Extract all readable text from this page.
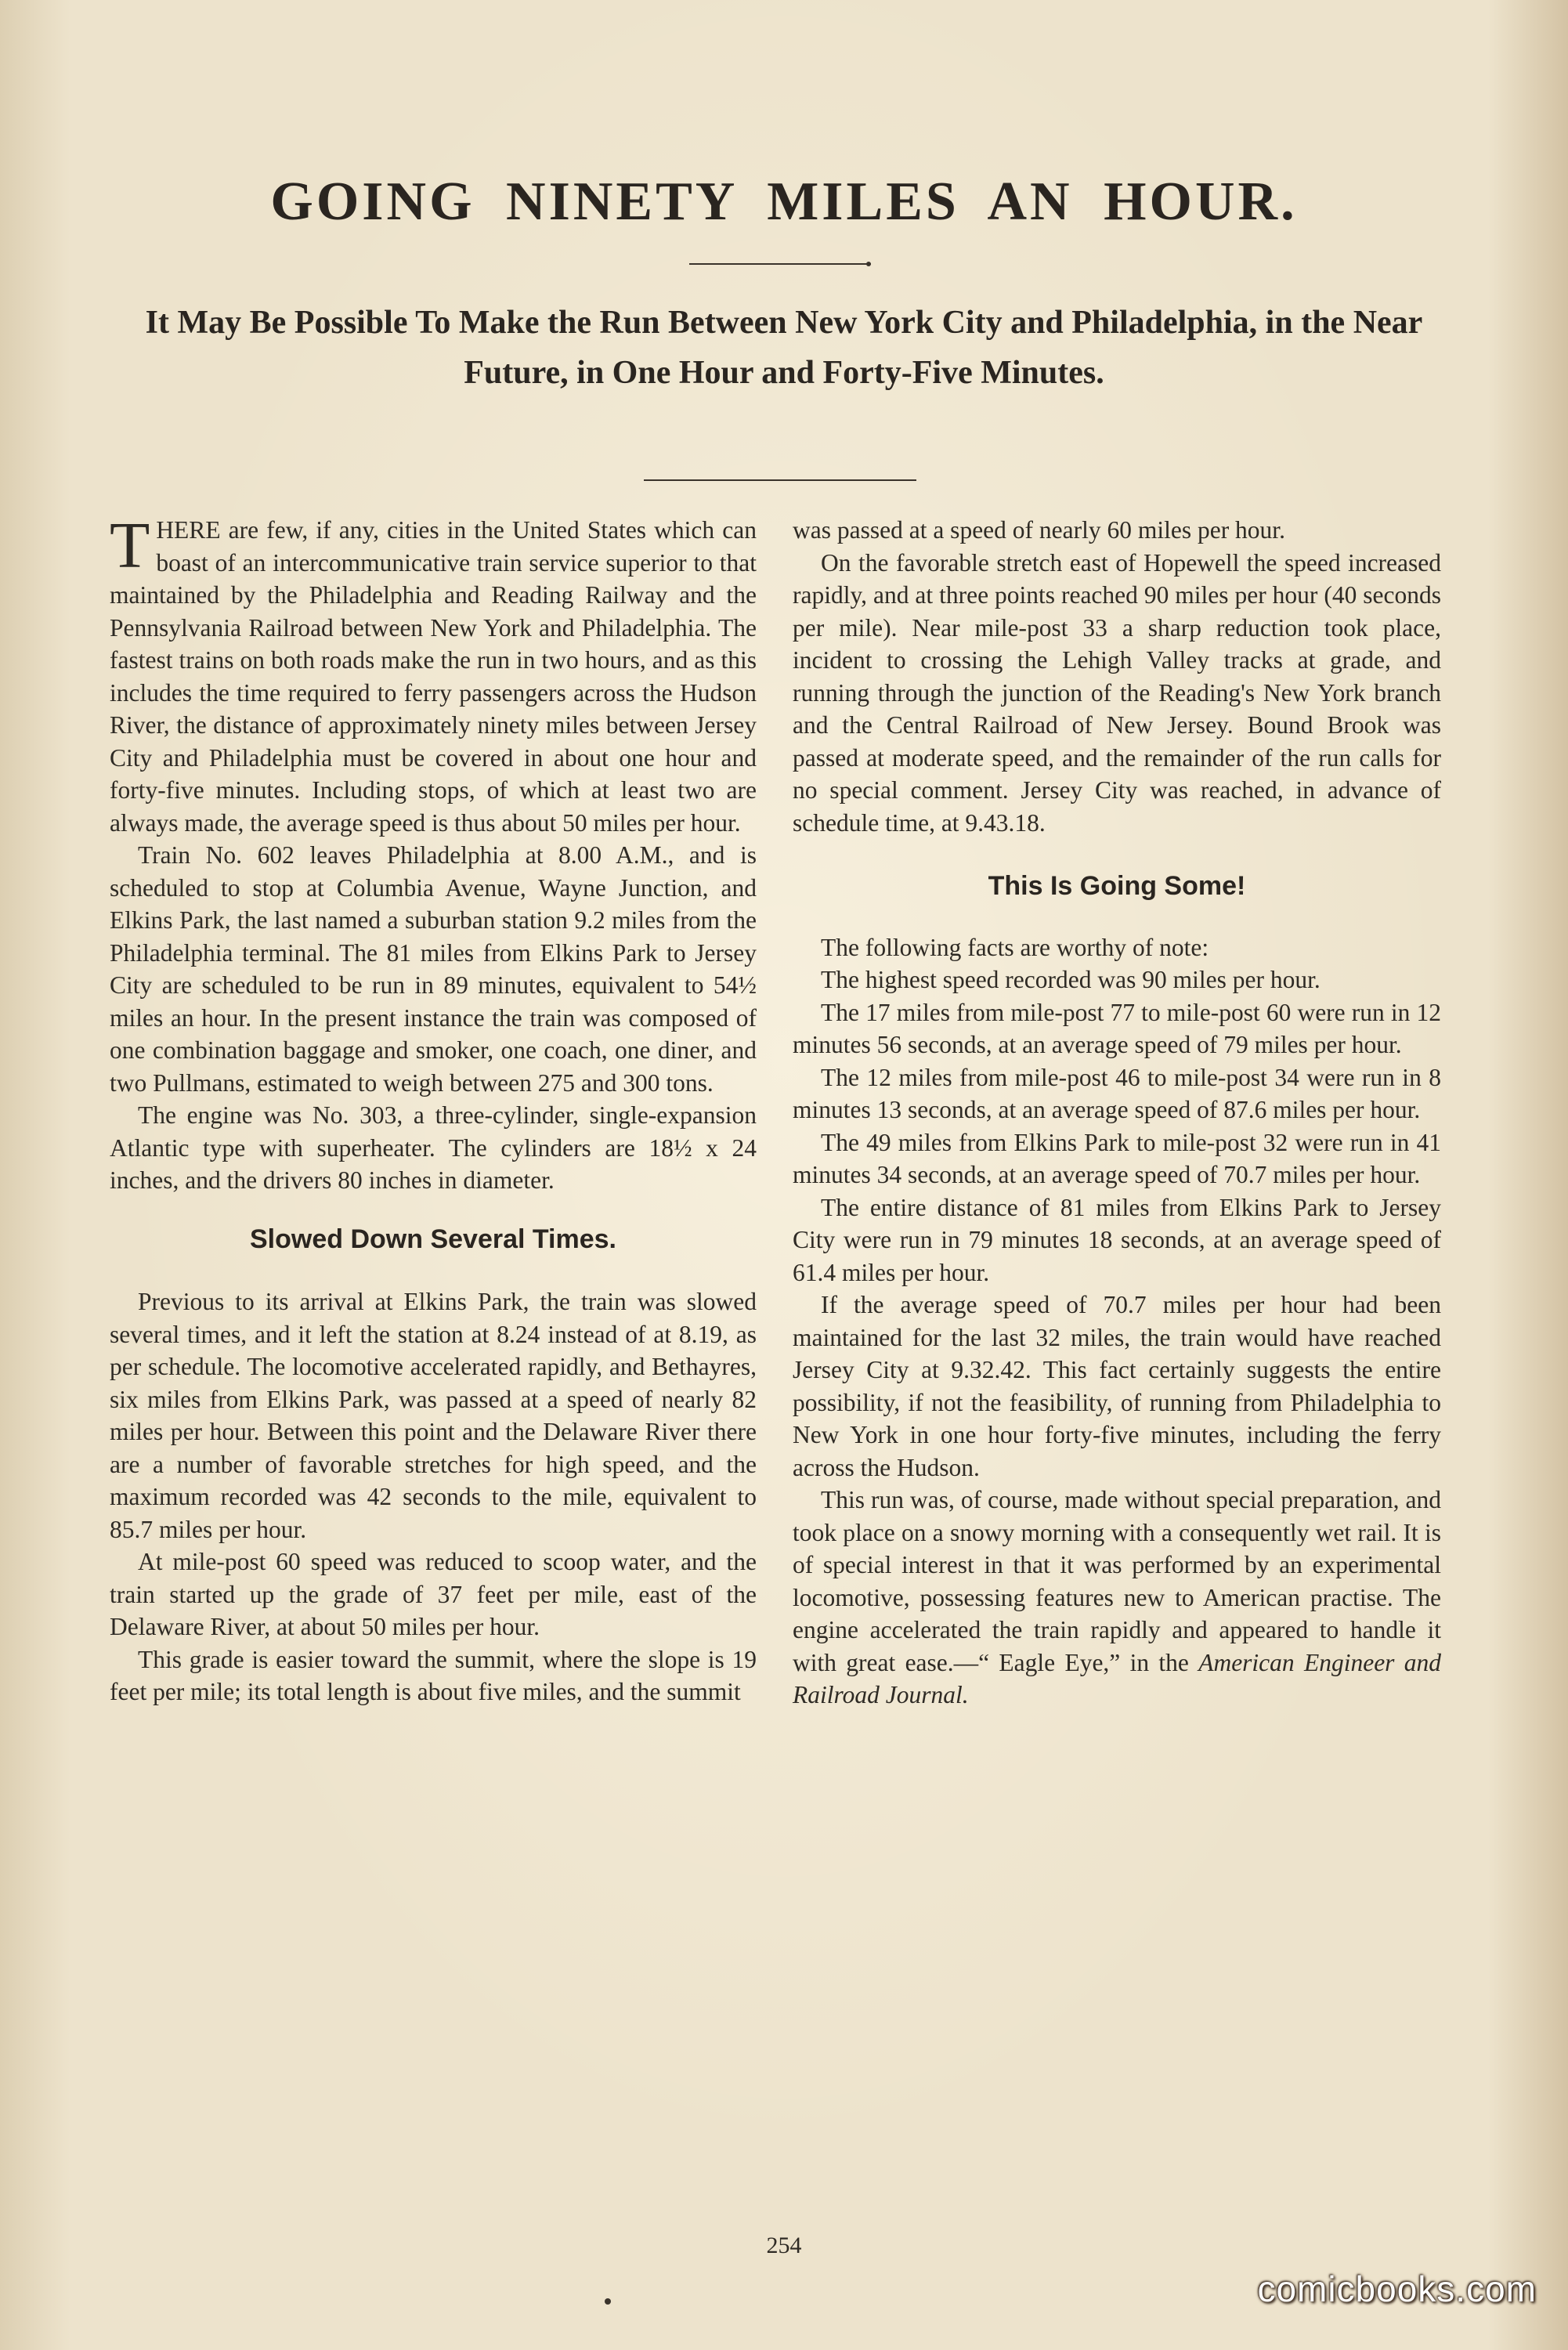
GOING NINETY MILES AN HOUR.
It May Be Possible To Make the Run Between New York City and Philadelphia, in the Near Future, in One Hour and Forty-Five Minutes.

THERE are few, if any, cities in the United States which can boast of an intercommunicative train service superior to that maintained by the Philadelphia and Reading Railway and the Pennsylvania Railroad between New York and Philadelphia. The fastest trains on both roads make the run in two hours, and as this includes the time required to ferry passengers across the Hudson River, the distance of approximately ninety miles between Jersey City and Philadelphia must be covered in about one hour and forty-five minutes. Including stops, of which at least two are always made, the average speed is thus about 50 miles per hour.

Train No. 602 leaves Philadelphia at 8.00 A.M., and is scheduled to stop at Columbia Avenue, Wayne Junction, and Elkins Park, the last named a suburban station 9.2 miles from the Philadelphia terminal. The 81 miles from Elkins Park to Jersey City are scheduled to be run in 89 minutes, equivalent to 54½ miles an hour. In the present instance the train was composed of one combination baggage and smoker, one coach, one diner, and two Pullmans, estimated to weigh between 275 and 300 tons.

The engine was No. 303, a three-cylinder, single-expansion Atlantic type with superheater. The cylinders are 18½ x 24 inches, and the drivers 80 inches in diameter.

Slowed Down Several Times.

Previous to its arrival at Elkins Park, the train was slowed several times, and it left the station at 8.24 instead of at 8.19, as per schedule. The locomotive accelerated rapidly, and Bethayres, six miles from Elkins Park, was passed at a speed of nearly 82 miles per hour. Between this point and the Delaware River there are a number of favorable stretches for high speed, and the maximum recorded was 42 seconds to the mile, equivalent to 85.7 miles per hour.

At mile-post 60 speed was reduced to scoop water, and the train started up the grade of 37 feet per mile, east of the Delaware River, at about 50 miles per hour.

This grade is easier toward the summit, where the slope is 19 feet per mile; its total length is about five miles, and the summit

was passed at a speed of nearly 60 miles per hour.

On the favorable stretch east of Hopewell the speed increased rapidly, and at three points reached 90 miles per hour (40 seconds per mile). Near mile-post 33 a sharp reduction took place, incident to crossing the Lehigh Valley tracks at grade, and running through the junction of the Reading's New York branch and the Central Railroad of New Jersey. Bound Brook was passed at moderate speed, and the remainder of the run calls for no special comment. Jersey City was reached, in advance of schedule time, at 9.43.18.

This Is Going Some!

The following facts are worthy of note:

The highest speed recorded was 90 miles per hour.

The 17 miles from mile-post 77 to mile-post 60 were run in 12 minutes 56 seconds, at an average speed of 79 miles per hour.

The 12 miles from mile-post 46 to mile-post 34 were run in 8 minutes 13 seconds, at an average speed of 87.6 miles per hour.

The 49 miles from Elkins Park to mile-post 32 were run in 41 minutes 34 seconds, at an average speed of 70.7 miles per hour.

The entire distance of 81 miles from Elkins Park to Jersey City were run in 79 minutes 18 seconds, at an average speed of 61.4 miles per hour.

If the average speed of 70.7 miles per hour had been maintained for the last 32 miles, the train would have reached Jersey City at 9.32.42. This fact certainly suggests the entire possibility, if not the feasibility, of running from Philadelphia to New York in one hour forty-five minutes, including the ferry across the Hudson.

This run was, of course, made without special preparation, and took place on a snowy morning with a consequently wet rail. It is of special interest in that it was performed by an experimental locomotive, possessing features new to American practise. The engine accelerated the train rapidly and appeared to handle it with great ease.—“ Eagle Eye,” in the American Engineer and Railroad Journal.

254
comicbooks.com
